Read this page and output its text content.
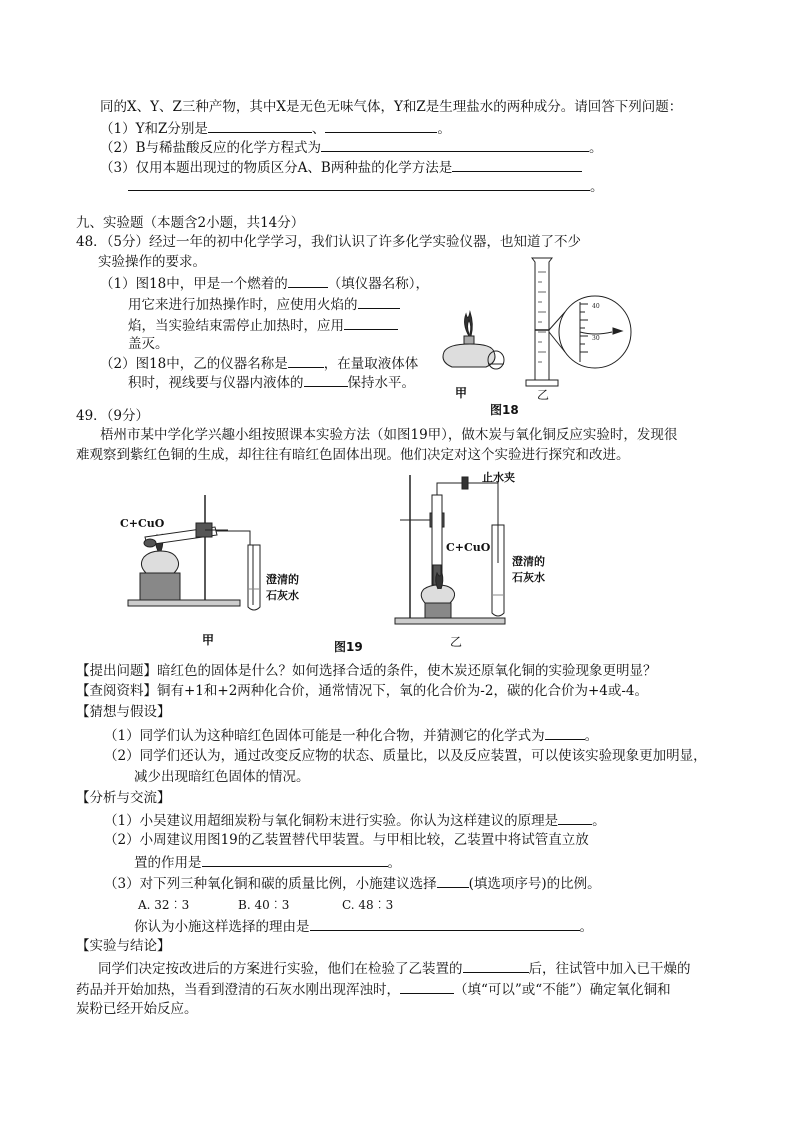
同的X、Y、Z三种产物，其中X是无色无味气体，Y和Z是生理盐水的两种成分。请回答下列问题：
（1）Y和Z分别是	、	。
（2）B与稀盐酸反应的化学方程式为	。
（3）仅用本题出现过的物质区分A、B两种盐的化学方法是
。
九、实验题（本题含2小题，共14分）
48．（5分）经过一年的初中化学学习，我们认识了许多化学实验仪器，也知道了不少
实验操作的要求。
（1）图18中，甲是一个燃着的	（填仪器名称），
用它来进行加热操作时，应使用火焰的
焰，当实验结束需停止加热时，应用
盖灭。
（2）图18中，乙的仪器名称是	，在量取液体体
积时，视线要与仪器内液体的	保持水平。
40
30
甲	乙
图18
49．（9分）
梧州市某中学化学兴趣小组按照课本实验方法（如图19甲），做木炭与氧化铜反应实验时，发现很
难观察到紫红色铜的生成，却往往有暗红色固体出现。他们决定对这个实验进行探究和改进。
C+CuO
澄清的
石灰水
止水夹
C+CuO
澄清的
石灰水
甲	图19	乙
【提出问题】暗红色的固体是什么？如何选择合适的条件，使木炭还原氧化铜的实验现象更明显？
【查阅资料】铜有+1和+2两种化合价，通常情况下，氧的化合价为-2，碳的化合价为+4或-4。
【猜想与假设】
（1）同学们认为这种暗红色固体可能是一种化合物，并猜测它的化学式为	。
（2）同学们还认为，通过改变反应物的状态、质量比，以及反应装置，可以使该实验现象更加明显，
减少出现暗红色固体的情况。
【分析与交流】
（1）小吴建议用超细炭粉与氧化铜粉末进行实验。你认为这样建议的原理是	。
（2）小周建议用图19的乙装置替代甲装置。与甲相比较，乙装置中将试管直立放
置的作用是	。
（3）对下列三种氧化铜和碳的质量比例，小施建议选择 (填选项序号)的比例。
A. 32︰3	B. 40︰3	C. 48︰3
你认为小施这样选择的理由是	。
【实验与结论】
同学们决定按改进后的方案进行实验，他们在检验了乙装置的	后，往试管中加入已干燥的
药品并开始加热，当看到澄清的石灰水刚出现浑浊时，	（填“可以”或“不能”）确定氧化铜和
炭粉已经开始反应。
